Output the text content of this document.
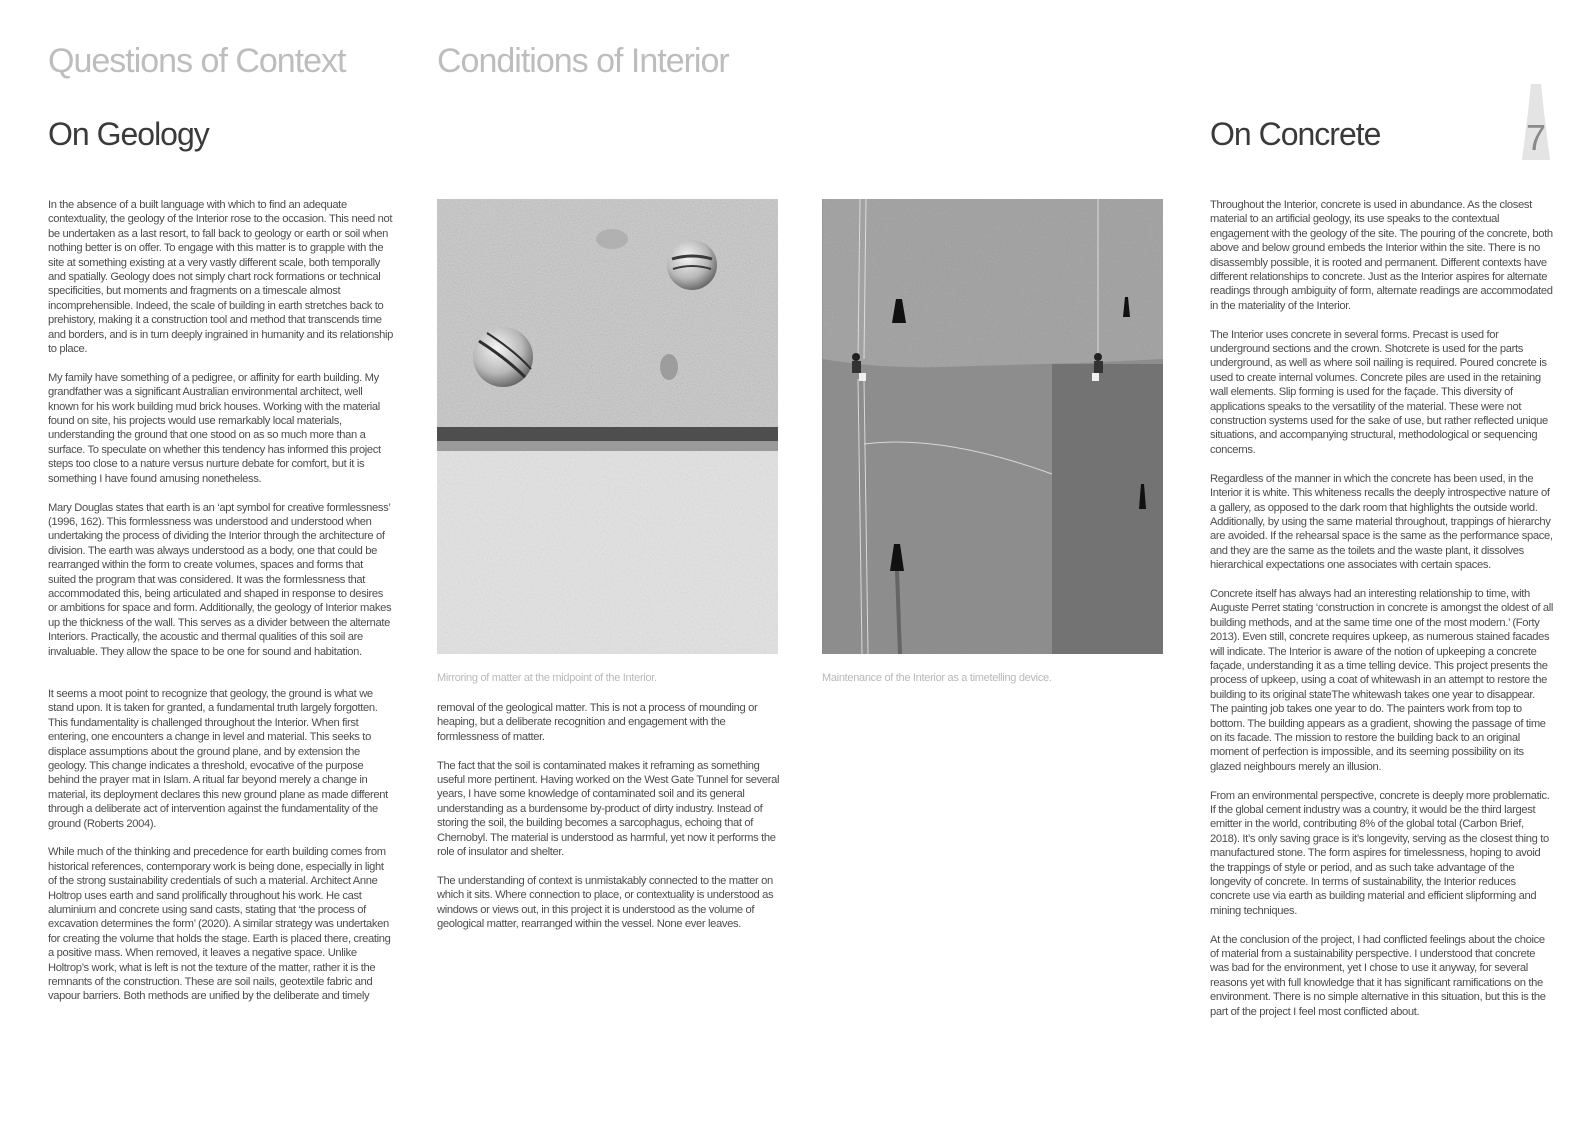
Questions of Context	Conditions of Interior
7
On Geology

In the absence of a built language with which to find an adequate contextuality, the geology of the Interior rose to the occasion. This need not be undertaken as a last resort, to fall back to geology or earth or soil when nothing better is on offer. To engage with this matter is to grapple with the site at something existing at a very vastly different scale, both temporally and spatially. Geology does not simply chart rock formations or technical specificities, but moments and fragments on a timescale almost incomprehensible. Indeed, the scale of building in earth stretches back to prehistory, making it a construction tool and method that transcends time and borders, and is in turn deeply ingrained in humanity and its relationship to place.

My family have something of a pedigree, or affinity for earth building. My grandfather was a significant Australian environmental architect, well known for his work building mud brick houses. Working with the material found on site, his projects would use remarkably local materials, understanding the ground that one stood on as so much more than a surface. To speculate on whether this tendency has informed this project steps too close to a nature versus nurture debate for comfort, but it is something I have found amusing nonetheless.

Mary Douglas states that earth is an ‘apt symbol for creative formlessness’ (1996, 162). This formlessness was understood and understood when undertaking the process of dividing the Interior through the architecture of division. The earth was always understood as a body, one that could be rearranged within the form to create volumes, spaces and forms that suited the program that was considered. It was the formlessness that accommodated this, being articulated and shaped in response to desires or ambitions for space and form. Additionally, the geology of Interior makes up the thickness of the wall. This serves as a divider between the alternate Interiors. Practically, the acoustic and thermal qualities of this soil are invaluable. They allow the space to be one for sound and habitation.

It seems a moot point to recognize that geology, the ground is what we stand upon. It is taken for granted, a fundamental truth largely forgotten. This fundamentality is challenged throughout the Interior. When first entering, one encounters a change in level and material. This seeks to displace assumptions about the ground plane, and by extension the geology. This change indicates a threshold, evocative of the purpose behind the prayer mat in Islam. A ritual far beyond merely a change in material, its deployment declares this new ground plane as made different through a deliberate act of intervention against the fundamentality of the ground (Roberts 2004).

While much of the thinking and precedence for earth building comes from historical references, contemporary work is being done, especially in light of the strong sustainability credentials of such a material. Architect Anne Holtrop uses earth and sand prolifically throughout his work. He cast aluminium and concrete using sand casts, stating that ‘the process of excavation determines the form’ (2020). A similar strategy was undertaken for creating the volume that holds the stage. Earth is placed there, creating a positive mass. When removed, it leaves a negative space. Unlike Holtrop’s work, what is left is not the texture of the matter, rather it is the remnants of the construction. These are soil nails, geotextile fabric and vapour barriers. Both methods are unified by the deliberate and timely

Mirroring of matter at the midpoint of the Interior.	Maintenance of the Interior as a timetelling device.

removal of the geological matter. This is not a process of mounding or heaping, but a deliberate recognition and engagement with the formlessness of matter.

The fact that the soil is contaminated makes it reframing as something useful more pertinent. Having worked on the West Gate Tunnel for several years, I have some knowledge of contaminated soil and its general understanding as a burdensome by-product of dirty industry. Instead of storing the soil, the building becomes a sarcophagus, echoing that of Chernobyl. The material is understood as harmful, yet now it performs the role of insulator and shelter.

The understanding of context is unmistakably connected to the matter on which it sits. Where connection to place, or contextuality is understood as windows or views out, in this project it is understood as the volume of geological matter, rearranged within the vessel. None ever leaves.

On Concrete

Throughout the Interior, concrete is used in abundance. As the closest material to an artificial geology, its use speaks to the contextual engagement with the geology of the site. The pouring of the concrete, both above and below ground embeds the Interior within the site. There is no disassembly possible, it is rooted and permanent. Different contexts have different relationships to concrete. Just as the Interior aspires for alternate readings through ambiguity of form, alternate readings are accommodated in the materiality of the Interior.

The Interior uses concrete in several forms. Precast is used for underground sections and the crown. Shotcrete is used for the parts underground, as well as where soil nailing is required. Poured concrete is used to create internal volumes. Concrete piles are used in the retaining wall elements. Slip forming is used for the façade. This diversity of applications speaks to the versatility of the material. These were not construction systems used for the sake of use, but rather reflected unique situations, and accompanying structural, methodological or sequencing concerns.

Regardless of the manner in which the concrete has been used, in the Interior it is white. This whiteness recalls the deeply introspective nature of a gallery, as opposed to the dark room that highlights the outside world. Additionally, by using the same material throughout, trappings of hierarchy are avoided. If the rehearsal space is the same as the performance space, and they are the same as the toilets and the waste plant, it dissolves hierarchical expectations one associates with certain spaces.

Concrete itself has always had an interesting relationship to time, with Auguste Perret stating ‘construction in concrete is amongst the oldest of all building methods, and at the same time one of the most modern.’ (Forty 2013). Even still, concrete requires upkeep, as numerous stained facades will indicate. The Interior is aware of the notion of upkeeping a concrete façade, understanding it as a time telling device. This project presents the process of upkeep, using a coat of whitewash in an attempt to restore the building to its original stateThe whitewash takes one year to disappear. The painting job takes one year to do. The painters work from top to bottom. The building appears as a gradient, showing the passage of time on its facade. The mission to restore the building back to an original moment of perfection is impossible, and its seeming possibility on its glazed neighbours merely an illusion.

From an environmental perspective, concrete is deeply more problematic. If the global cement industry was a country, it would be the third largest emitter in the world, contributing 8% of the global total (Carbon Brief, 2018). It’s only saving grace is it’s longevity, serving as the closest thing to manufactured stone. The form aspires for timelessness, hoping to avoid the trappings of style or period, and as such take advantage of the longevity of concrete. In terms of sustainability, the Interior reduces concrete use via earth as building material and efficient slipforming and mining techniques.

At the conclusion of the project, I had conflicted feelings about the choice of material from a sustainability perspective. I understood that concrete was bad for the environment, yet I chose to use it anyway, for several reasons yet with full knowledge that it has significant ramifications on the environment. There is no simple alternative in this situation, but this is the part of the project I feel most conflicted about.
